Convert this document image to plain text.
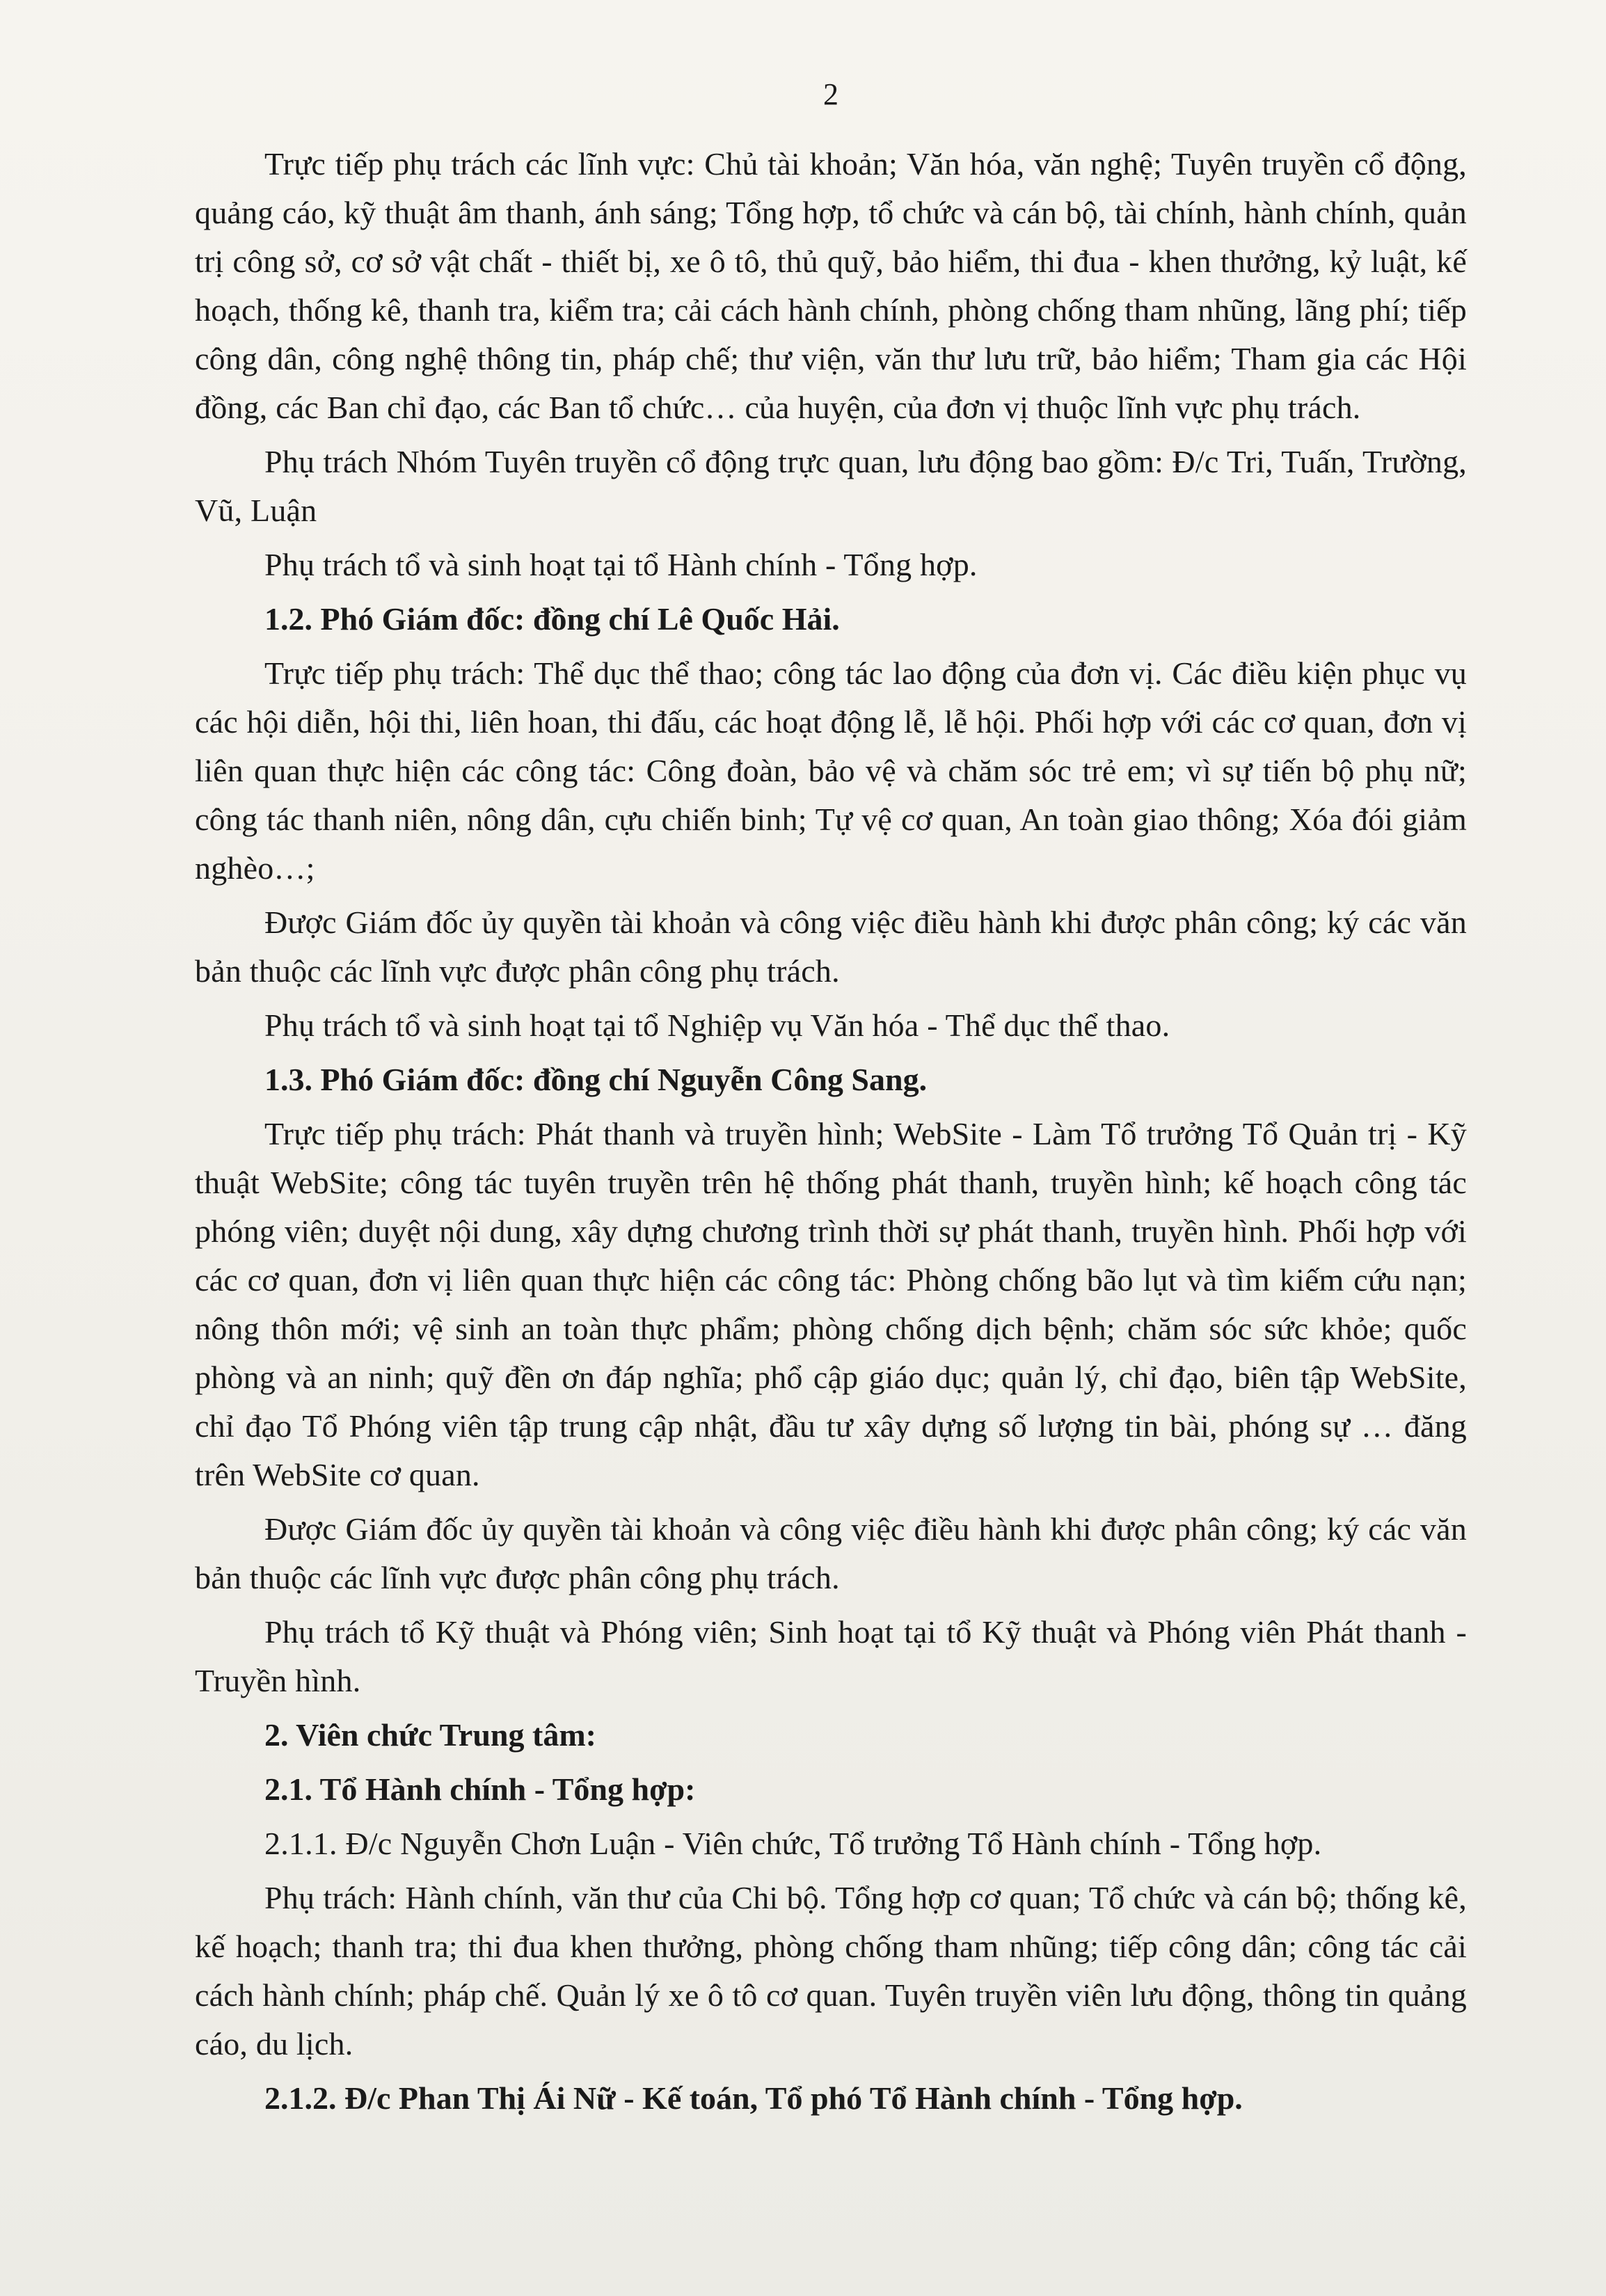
2

Trực tiếp phụ trách các lĩnh vực: Chủ tài khoản; Văn hóa, văn nghệ; Tuyên truyền cổ động, quảng cáo, kỹ thuật âm thanh, ánh sáng; Tổng hợp, tổ chức và cán bộ, tài chính, hành chính, quản trị công sở, cơ sở vật chất - thiết bị, xe ô tô, thủ quỹ, bảo hiểm, thi đua - khen thưởng, kỷ luật, kế hoạch, thống kê, thanh tra, kiểm tra; cải cách hành chính, phòng chống tham nhũng, lãng phí; tiếp công dân, công nghệ thông tin, pháp chế; thư viện, văn thư lưu trữ, bảo hiểm; Tham gia các Hội đồng, các Ban chỉ đạo, các Ban tổ chức… của huyện, của đơn vị thuộc lĩnh vực phụ trách.

Phụ trách Nhóm Tuyên truyền cổ động trực quan, lưu động bao gồm: Đ/c Tri, Tuấn, Trường, Vũ, Luận

Phụ trách tổ và sinh hoạt tại tổ Hành chính - Tổng hợp.

1.2. Phó Giám đốc: đồng chí Lê Quốc Hải.

Trực tiếp phụ trách: Thể dục thể thao; công tác lao động của đơn vị. Các điều kiện phục vụ các hội diễn, hội thi, liên hoan, thi đấu, các hoạt động lễ, lễ hội. Phối hợp với các cơ quan, đơn vị liên quan thực hiện các công tác: Công đoàn, bảo vệ và chăm sóc trẻ em; vì sự tiến bộ phụ nữ; công tác thanh niên, nông dân, cựu chiến binh; Tự vệ cơ quan, An toàn giao thông; Xóa đói giảm nghèo…;

Được Giám đốc ủy quyền tài khoản và công việc điều hành khi được phân công; ký các văn bản thuộc các lĩnh vực được phân công phụ trách.

Phụ trách tổ và sinh hoạt tại tổ Nghiệp vụ Văn hóa - Thể dục thể thao.

1.3. Phó Giám đốc: đồng chí Nguyễn Công Sang.

Trực tiếp phụ trách: Phát thanh và truyền hình; WebSite - Làm Tổ trưởng Tổ Quản trị - Kỹ thuật WebSite; công tác tuyên truyền trên hệ thống phát thanh, truyền hình; kế hoạch công tác phóng viên; duyệt nội dung, xây dựng chương trình thời sự phát thanh, truyền hình. Phối hợp với các cơ quan, đơn vị liên quan thực hiện các công tác: Phòng chống bão lụt và tìm kiếm cứu nạn; nông thôn mới; vệ sinh an toàn thực phẩm; phòng chống dịch bệnh; chăm sóc sức khỏe; quốc phòng và an ninh; quỹ đền ơn đáp nghĩa; phổ cập giáo dục; quản lý, chỉ đạo, biên tập WebSite, chỉ đạo Tổ Phóng viên tập trung cập nhật, đầu tư xây dựng số lượng tin bài, phóng sự … đăng trên WebSite cơ quan.

Được Giám đốc ủy quyền tài khoản và công việc điều hành khi được phân công; ký các văn bản thuộc các lĩnh vực được phân công phụ trách.

Phụ trách tổ Kỹ thuật và Phóng viên; Sinh hoạt tại tổ Kỹ thuật và Phóng viên Phát thanh - Truyền hình.

2. Viên chức Trung tâm:

2.1. Tổ Hành chính - Tổng hợp:

2.1.1. Đ/c Nguyễn Chơn Luận - Viên chức, Tổ trưởng Tổ Hành chính - Tổng hợp.

Phụ trách: Hành chính, văn thư của Chi bộ. Tổng hợp cơ quan; Tổ chức và cán bộ; thống kê, kế hoạch; thanh tra; thi đua khen thưởng, phòng chống tham nhũng; tiếp công dân; công tác cải cách hành chính; pháp chế. Quản lý xe ô tô cơ quan. Tuyên truyền viên lưu động, thông tin quảng cáo, du lịch.

2.1.2. Đ/c Phan Thị Ái Nữ - Kế toán, Tổ phó Tổ Hành chính - Tổng hợp.
